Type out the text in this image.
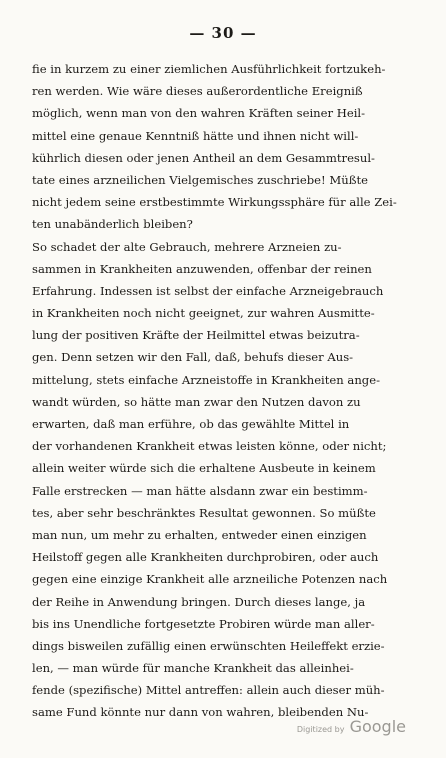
— 30 —
fie in kurzem zu einer ziemlichen Ausführlichkeit fortzukeh-
ren werden. Wie wäre dieses außerordentliche Ereigniß
möglich, wenn man von den wahren Kräften seiner Heil-
mittel eine genaue Kenntniß hätte und ihnen nicht will-
kührlich diesen oder jenen Antheil an dem Gesammtresul-
tate eines arzneilichen Vielgemisches zuschriebe! Müßte
nicht jedem seine erstbestimmte Wirkungssphäre für alle Zei-
ten unabänderlich bleiben?
So schadet der alte Gebrauch, mehrere Arzneien zu-
sammen in Krankheiten anzuwenden, offenbar der reinen
Erfahrung. Indessen ist selbst der einfache Arzneigebrauch
in Krankheiten noch nicht geeignet, zur wahren Ausmitte-
lung der positiven Kräfte der Heilmittel etwas beizutra-
gen. Denn setzen wir den Fall, daß, behufs dieser Aus-
mittelung, stets einfache Arzneistoffe in Krankheiten ange-
wandt würden, so hätte man zwar den Nutzen davon zu
erwarten, daß man erführe, ob das gewählte Mittel in
der vorhandenen Krankheit etwas leisten könne, oder nicht;
allein weiter würde sich die erhaltene Ausbeute in keinem
Falle erstrecken — man hätte alsdann zwar ein bestimm-
tes, aber sehr beschränktes Resultat gewonnen. So müßte
man nun, um mehr zu erhalten, entweder einen einzigen
Heilstoff gegen alle Krankheiten durchprobiren, oder auch
gegen eine einzige Krankheit alle arzneiliche Potenzen nach
der Reihe in Anwendung bringen. Durch dieses lange, ja
bis ins Unendliche fortgesetzte Probiren würde man aller-
dings bisweilen zufällig einen erwünschten Heileffekt erzie-
len, — man würde für manche Krankheit das alleinhei-
fende (spezifische) Mittel antreffen: allein auch dieser müh-
same Fund könnte nur dann von wahren, bleibenden Nu-
Digitized by Google
